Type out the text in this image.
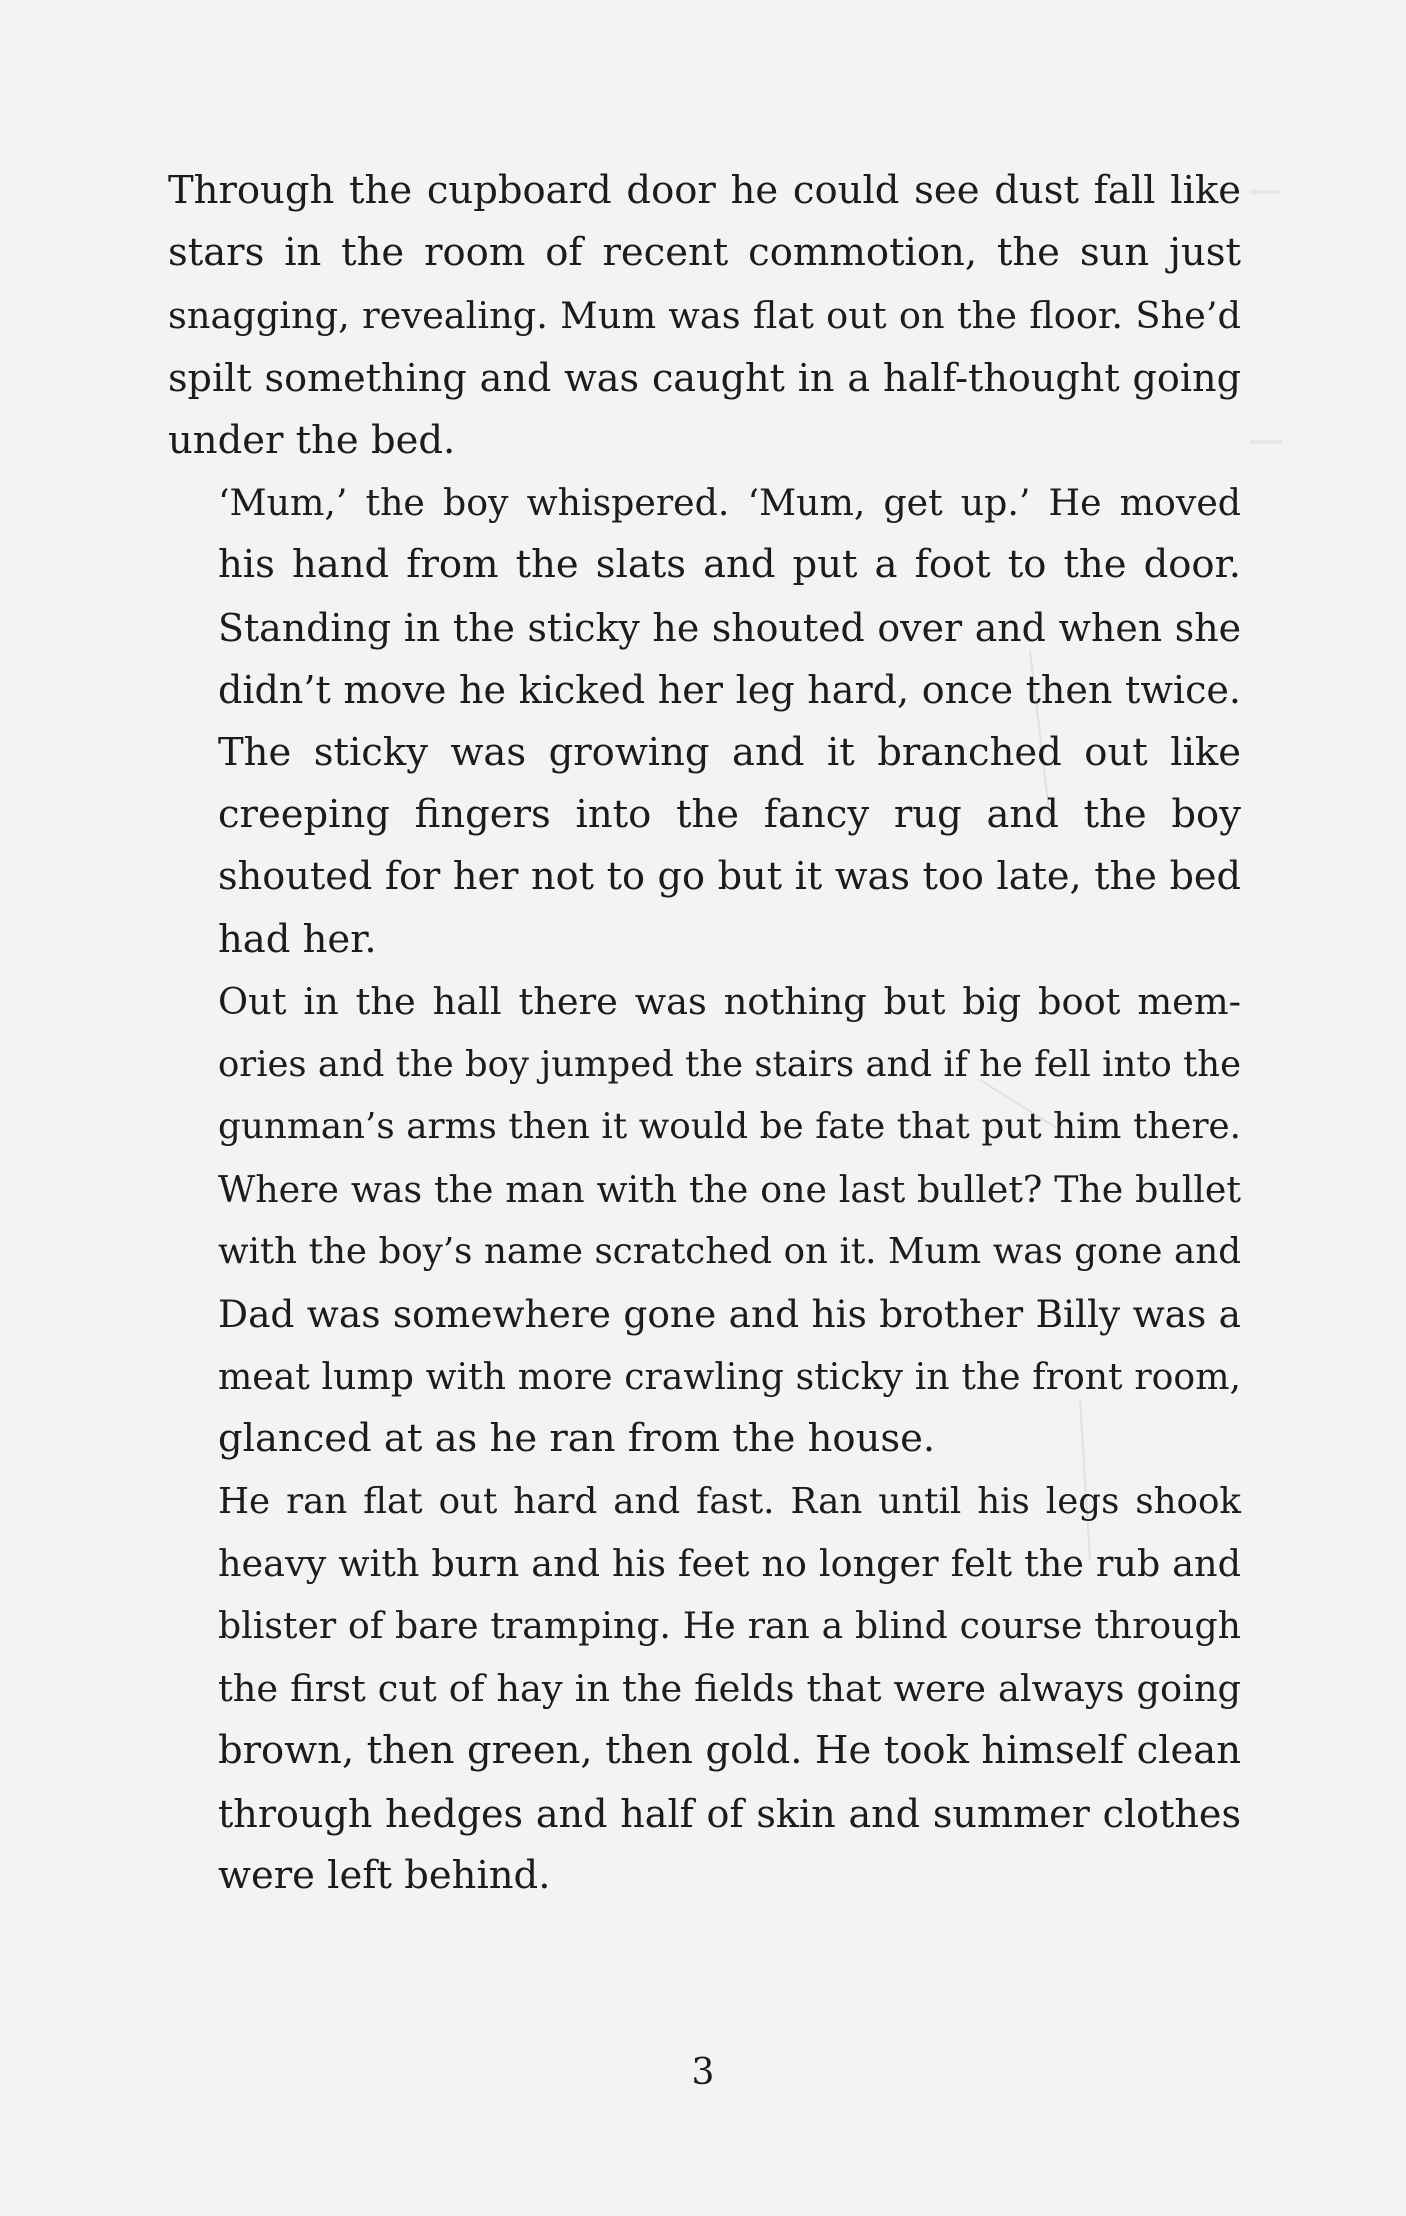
Through the cupboard door he could see dust fall like
stars in the room of recent commotion, the sun just
snagging, revealing. Mum was flat out on the floor. She’d
spilt something and was caught in a half-thought going
under the bed.

‘Mum,’ the boy whispered. ‘Mum, get up.’ He moved
his hand from the slats and put a foot to the door.
Standing in the sticky he shouted over and when she
didn’t move he kicked her leg hard, once then twice.
The sticky was growing and it branched out like
creeping fingers into the fancy rug and the boy
shouted for her not to go but it was too late, the bed
had her.

Out in the hall there was nothing but big boot mem-
ories and the boy jumped the stairs and if he fell into the
gunman’s arms then it would be fate that put him there.
Where was the man with the one last bullet? The bullet
with the boy’s name scratched on it. Mum was gone and
Dad was somewhere gone and his brother Billy was a
meat lump with more crawling sticky in the front room,
glanced at as he ran from the house.

He ran flat out hard and fast. Ran until his legs shook
heavy with burn and his feet no longer felt the rub and
blister of bare tramping. He ran a blind course through
the first cut of hay in the fields that were always going
brown, then green, then gold. He took himself clean
through hedges and half of skin and summer clothes
were left behind.

3
